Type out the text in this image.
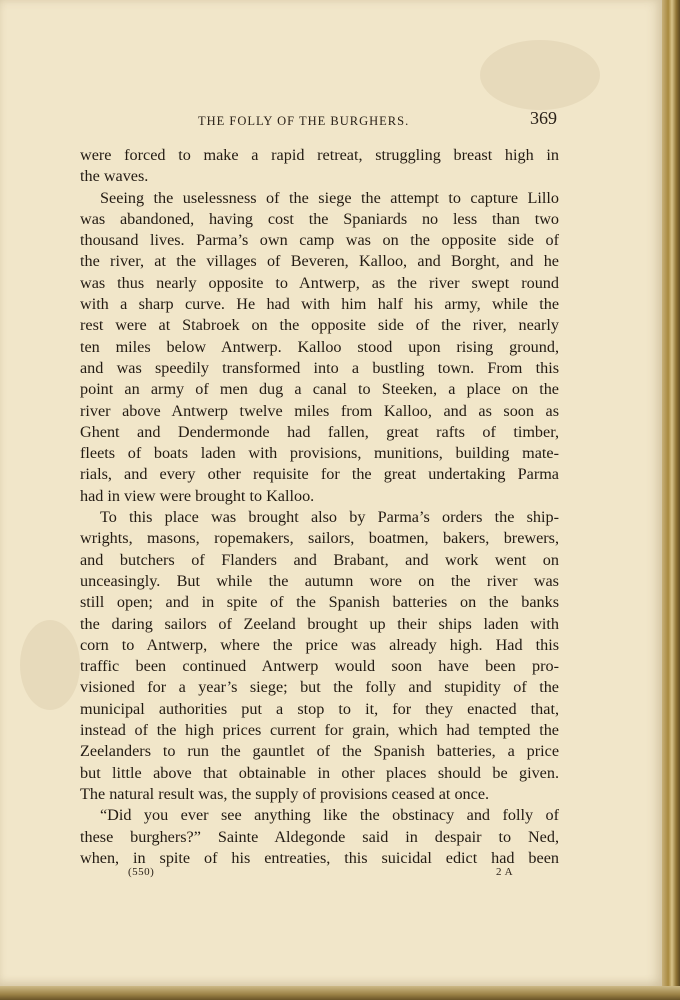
THE FOLLY OF THE BURGHERS.	369

were forced to make a rapid retreat, struggling breast high in

the waves.

Seeing the uselessness of the siege the attempt to capture Lillo

was abandoned, having cost the Spaniards no less than two

thousand lives. Parma’s own camp was on the opposite side of

the river, at the villages of Beveren, Kalloo, and Borght, and he

was thus nearly opposite to Antwerp, as the river swept round

with a sharp curve. He had with him half his army, while the

rest were at Stabroek on the opposite side of the river, nearly

ten miles below Antwerp. Kalloo stood upon rising ground,

and was speedily transformed into a bustling town. From this

point an army of men dug a canal to Steeken, a place on the

river above Antwerp twelve miles from Kalloo, and as soon as

Ghent and Dendermonde had fallen, great rafts of timber,

fleets of boats laden with provisions, munitions, building mate-

rials, and every other requisite for the great undertaking Parma

had in view were brought to Kalloo.

To this place was brought also by Parma’s orders the ship-

wrights, masons, ropemakers, sailors, boatmen, bakers, brewers,

and butchers of Flanders and Brabant, and work went on

unceasingly. But while the autumn wore on the river was

still open; and in spite of the Spanish batteries on the banks

the daring sailors of Zeeland brought up their ships laden with

corn to Antwerp, where the price was already high. Had this

traffic been continued Antwerp would soon have been pro-

visioned for a year’s siege; but the folly and stupidity of the

municipal authorities put a stop to it, for they enacted that,

instead of the high prices current for grain, which had tempted the

Zeelanders to run the gauntlet of the Spanish batteries, a price

but little above that obtainable in other places should be given.

The natural result was, the supply of provisions ceased at once.

“Did you ever see anything like the obstinacy and folly of

these burghers?” Sainte Aldegonde said in despair to Ned,

when, in spite of his entreaties, this suicidal edict had been

(550)	2 A
